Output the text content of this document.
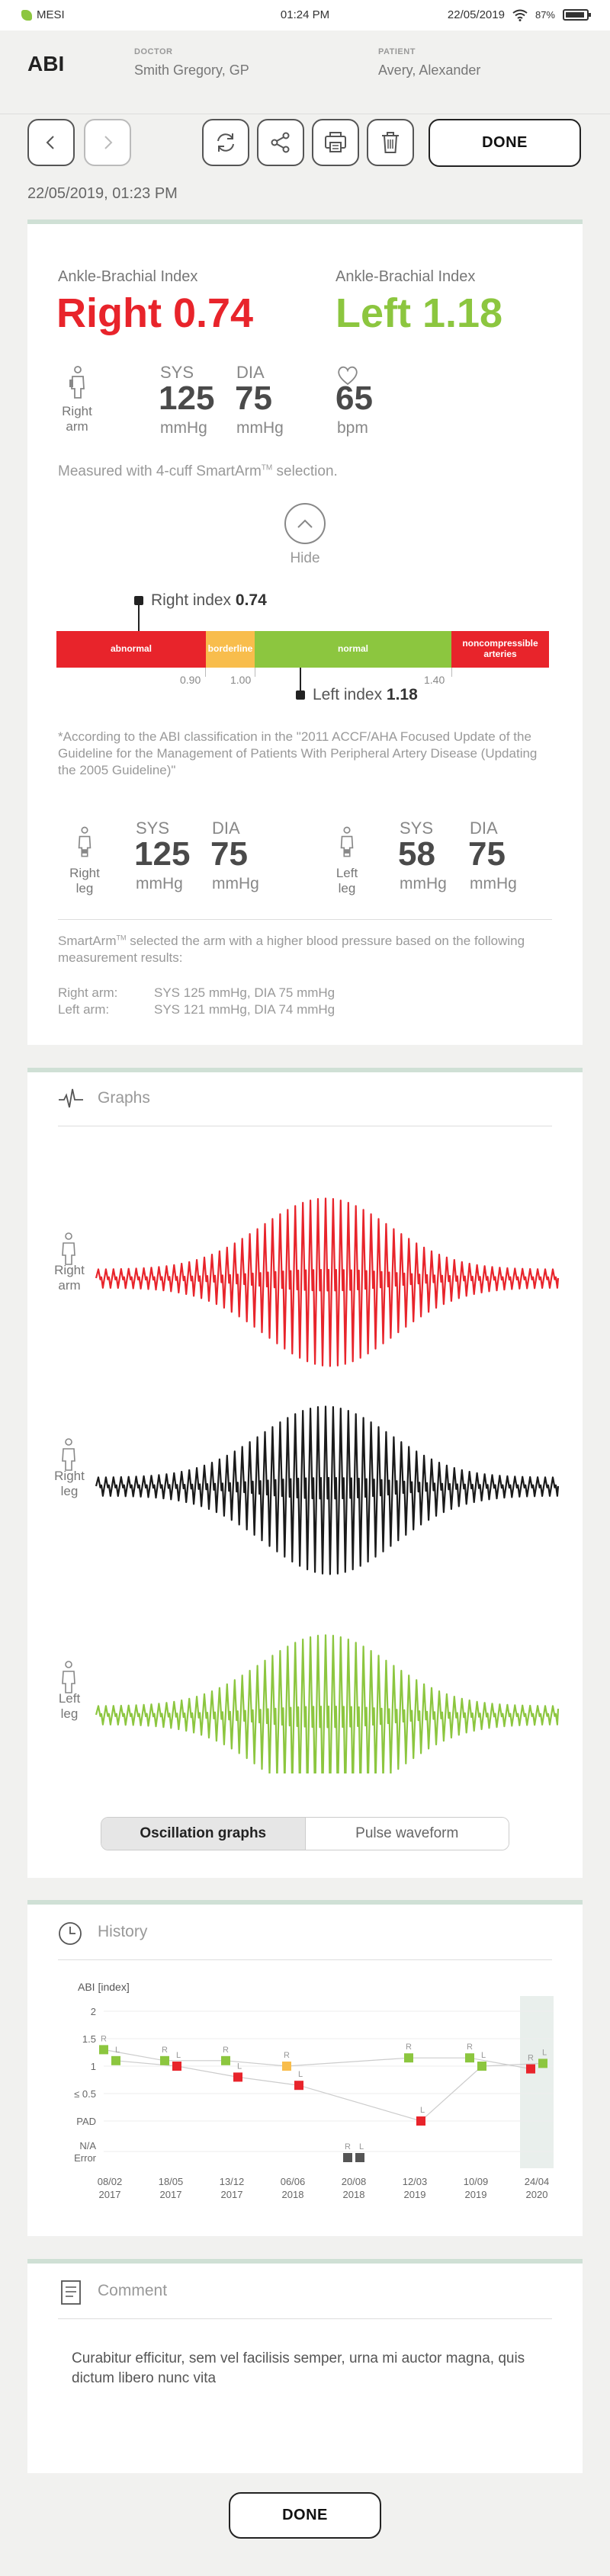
MESI	01:24 PM	22/05/2019	87%
ABI	DOCTOR
Smith Gregory, GP
PATIENT
Avery, Alexander
DONE
22/05/2019, 01:23 PM
Ankle-Brachial Index
Right 0.74
Ankle-Brachial Index
Left 1.18
Right
arm
SYS
125
mmHg
DIA
75
mmHg
65
bpm
Measured with 4-cuff SmartArm™ selection.
Hide
Right index 0.74
abnormal	borderline	normal	noncompressible arteries
0.90	1.00	1.40
Left index 1.18
*According to the ABI classification in the "2011 ACCF/AHA Focused Update of the Guideline for the Management of Patients With Peripheral Artery Disease (Updating the 2005 Guideline)"
Right
leg
SYS
125
mmHg
DIA
75
mmHg
Left
leg
SYS
58
mmHg
DIA
75
mmHg
SmartArm™ selected the arm with a higher blood pressure based on the following measurement results:
Right arm:	SYS 125 mmHg, DIA 75 mmHg
Left arm:	SYS 121 mmHg, DIA 74 mmHg
Graphs
Right
arm
Right
leg
Left
leg
Oscillation graphs	Pulse waveform
History
ABI [index]
2
1.5
1
≤ 0.5
PAD
N/A
Error
08/02
2017
18/05
2017
13/12
2017
06/06
2018
20/08
2018
12/03
2019
10/09
2019
24/04
2020
R
R	R
R
R
R	R
R
L
L
L
L
L
L
L	L
Comment
Curabitur efficitur, sem vel facilisis semper, urna mi auctor magna, quis dictum libero nunc vita
DONE
